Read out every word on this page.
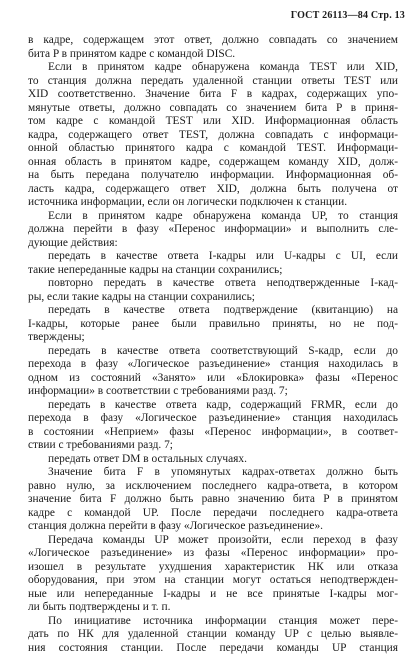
ГОСТ 26113—84 Стр. 13
в кадре, содержащем этот ответ, должно совпадать со значением
бита P в принятом кадре с командой DISC.
Если в принятом кадре обнаружена команда TEST или XID,
то станция должна передать удаленной станции ответы TEST или
XID соответственно. Значение бита F в кадрах, содержащих упо-
мянутые ответы, должно совпадать со значением бита P в приня-
том кадре с командой TEST или XID. Информационная область
кадра, содержащего ответ TEST, должна совпадать с информаци-
онной областью принятого кадра с командой TEST. Информаци-
онная область в принятом кадре, содержащем команду XID, долж-
на быть передана получателю информации. Информационная об-
ласть кадра, содержащего ответ XID, должна быть получена от
источника информации, если он логически подключен к станции.
Если в принятом кадре обнаружена команда UP, то станция
должна перейти в фазу «Перенос информации» и выполнить сле-
дующие действия:
передать в качестве ответа I-кадры или U-кадры с UI, если
такие непереданные кадры на станции сохранились;
повторно передать в качестве ответа неподтвержденные I-кад-
ры, если такие кадры на станции сохранились;
передать в качестве ответа подтверждение (квитанцию) на
I-кадры, которые ранее были правильно приняты, но не под-
тверждены;
передать в качестве ответа соответствующий S-кадр, если до
перехода в фазу «Логическое разъединение» станция находилась в
одном из состояний «Занято» или «Блокировка» фазы «Перенос
информации» в соответствии с требованиями разд. 7;
передать в качестве ответа кадр, содержащий FRMR, если до
перехода в фазу «Логическое разъединение» станция находилась
в состоянии «Неприем» фазы «Перенос информации», в соответ-
ствии с требованиями разд. 7;
передать ответ DM в остальных случаях.
Значение бита F в упомянутых кадрах-ответах должно быть
равно нулю, за исключением последнего кадра-ответа, в котором
значение бита F должно быть равно значению бита P в принятом
кадре с командой UP. После передачи последнего кадра-ответа
станция должна перейти в фазу «Логическое разъединение».
Передача команды UP может произойти, если переход в фазу
«Логическое разъединение» из фазы «Перенос информации» про-
изошел в результате ухудшения характеристик НК или отказа
оборудования, при этом на станции могут остаться неподтвержден-
ные или непереданные I-кадры и не все принятые I-кадры мог-
ли быть подтверждены и т. п.
По инициативе источника информации станция может пере-
дать по НК для удаленной станции команду UP с целью выявле-
ния состояния станции. После передачи команды UP станция
